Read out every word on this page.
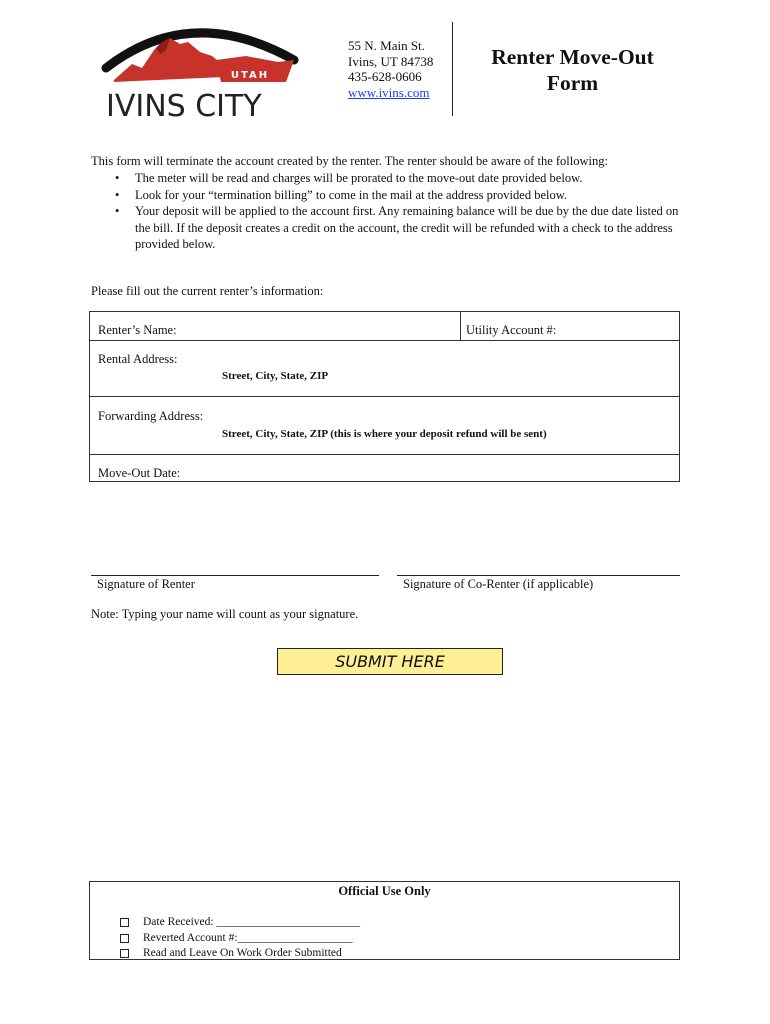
UTAH
IVINS CITY
55 N. Main St.
Ivins, UT 84738
435-628-0606
www.ivins.com
Renter Move-Out
Form
This form will terminate the account created by the renter. The renter should be aware of the following:
• The meter will be read and charges will be prorated to the move-out date provided below.
• Look for your “termination billing” to come in the mail at the address provided below.
• Your deposit will be applied to the account first. Any remaining balance will be due by the due date listed on the bill. If the deposit creates a credit on the account, the credit will be refunded with a check to the address provided below.
Please fill out the current renter’s information:
Renter’s Name:	Utility Account #:
Rental Address:
Street, City, State, ZIP
Forwarding Address:
Street, City, State, ZIP (this is where your deposit refund will be sent)
Move-Out Date:
Signature of Renter	Signature of Co-Renter (if applicable)
Note: Typing your name will count as your signature.
SUBMIT HERE
Official Use Only
Date Received: _________________________
Reverted Account #:____________________
Read and Leave On Work Order Submitted
